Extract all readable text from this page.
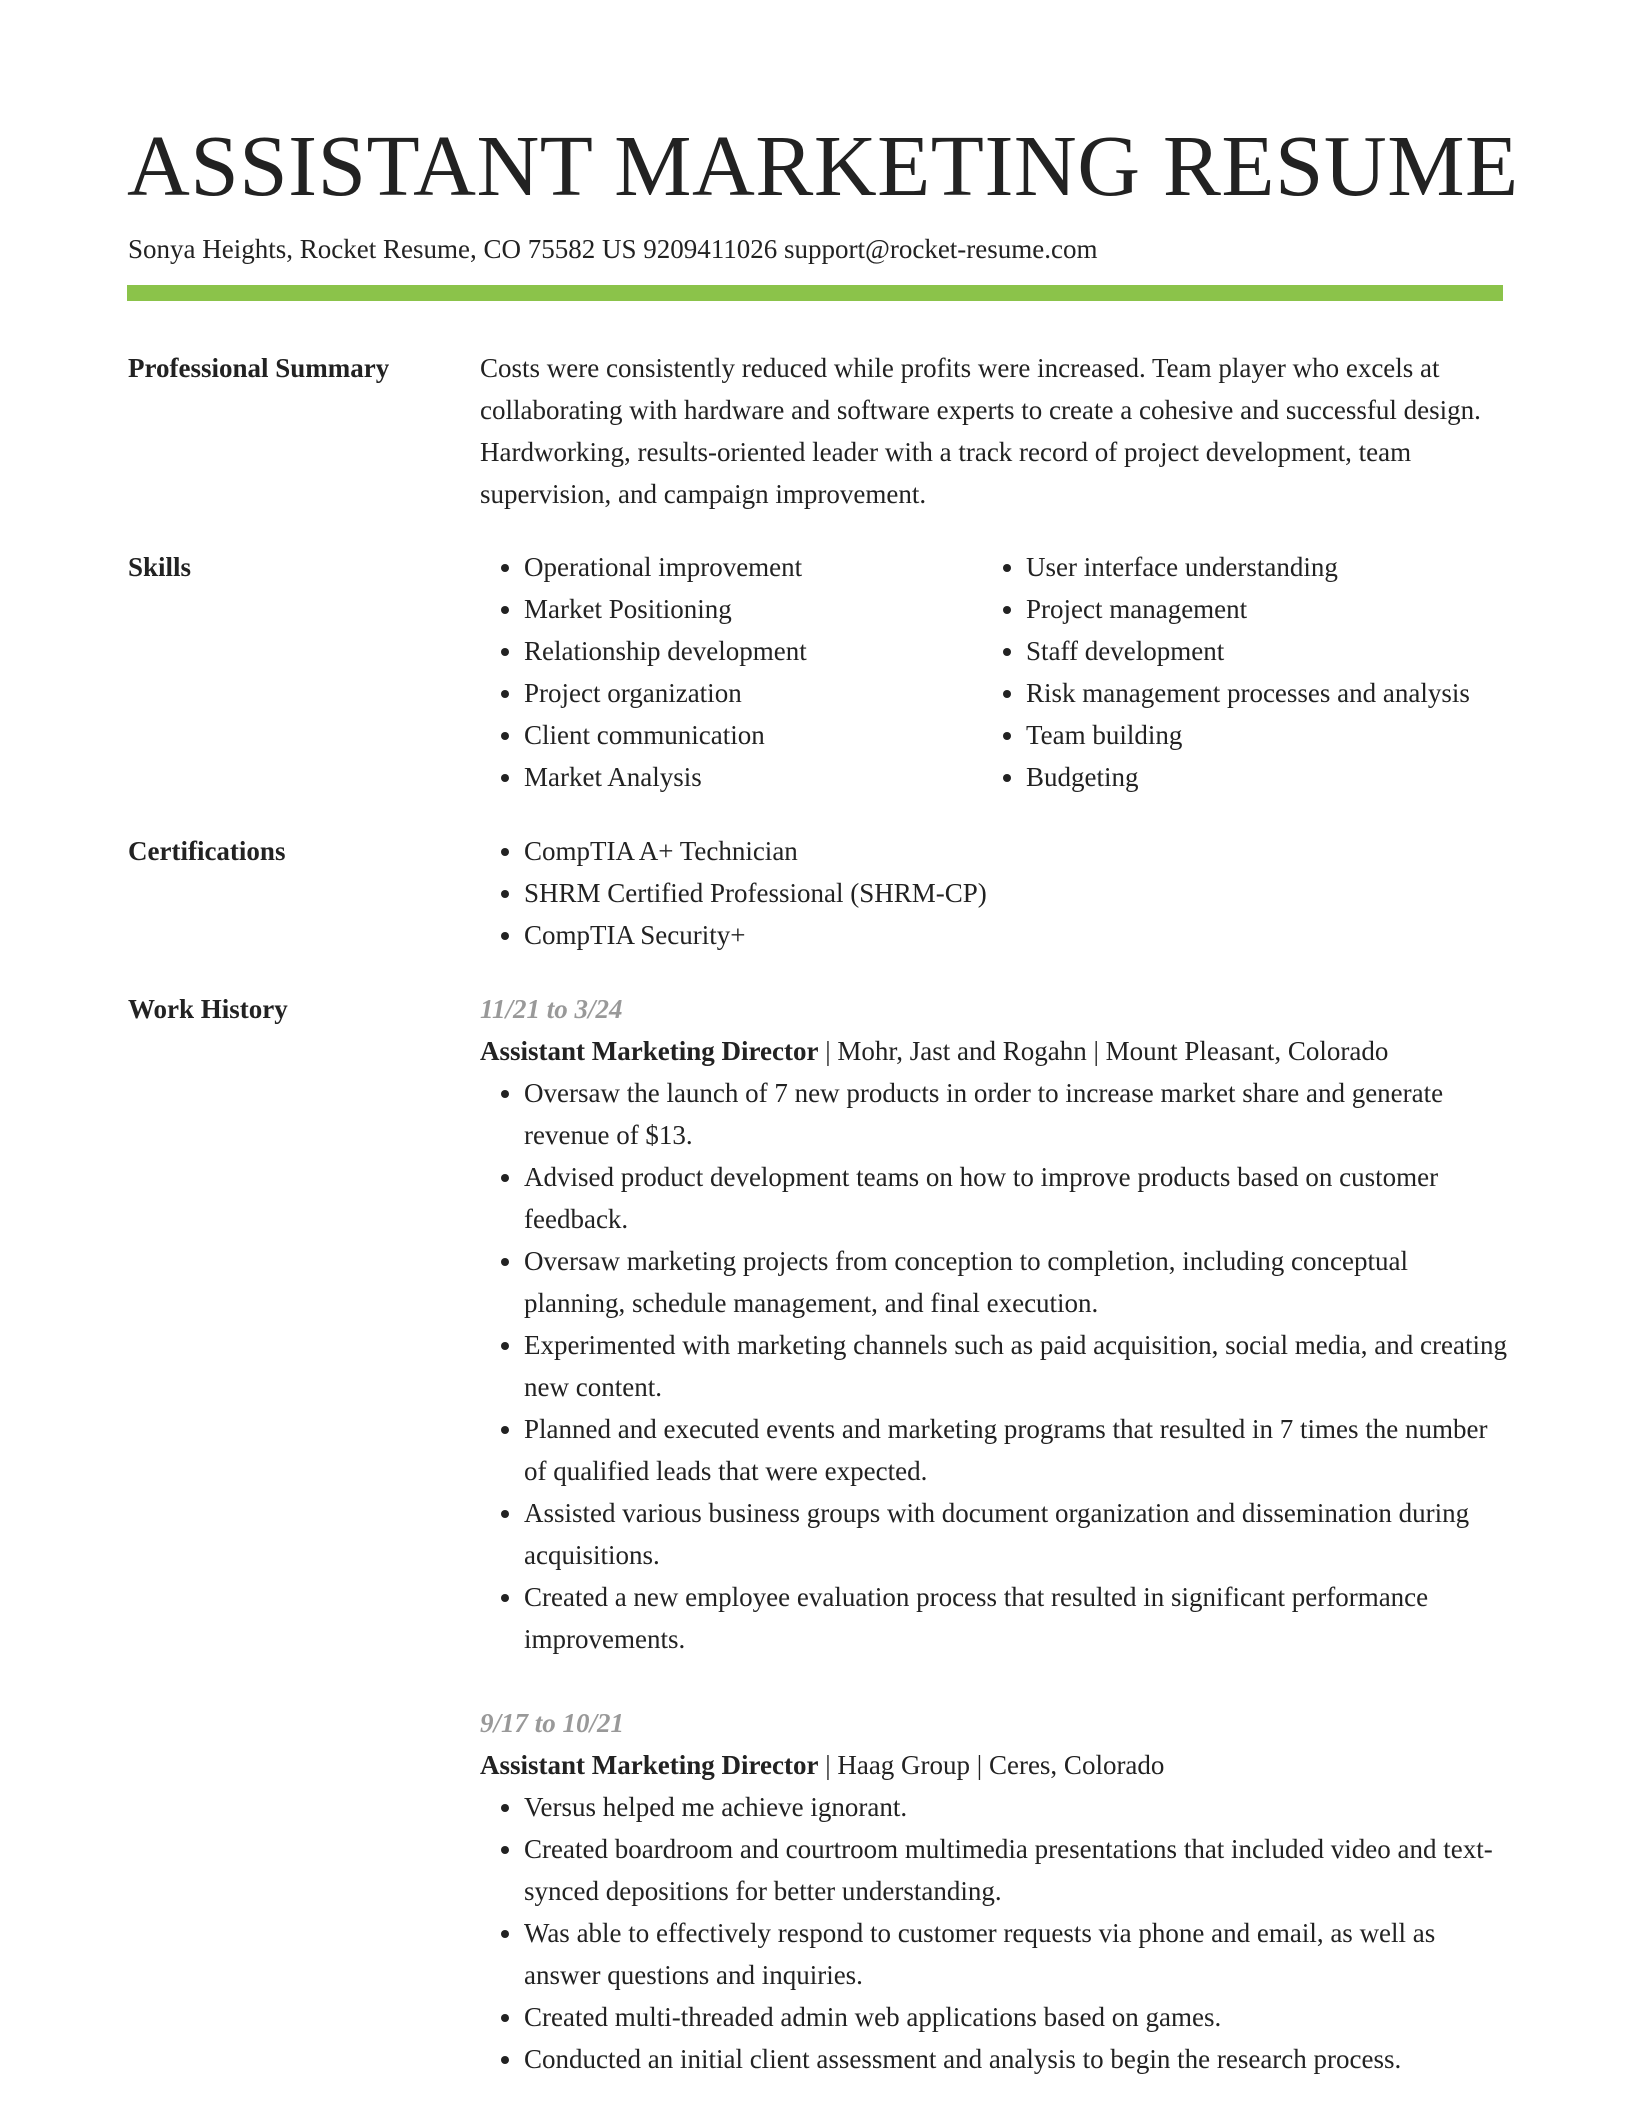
ASSISTANT MARKETING RESUME
Sonya Heights, Rocket Resume, CO 75582 US 9209411026 support@rocket-resume.com
Professional Summary	Costs were consistently reduced while profits were increased. Team player who excels at collaborating with hardware and software experts to create a cohesive and successful design. Hardworking, results-oriented leader with a track record of project development, team supervision, and campaign improvement.
Skills	• Operational improvement
• Market Positioning
• Relationship development
• Project organization
• Client communication
• Market Analysis
• User interface understanding
• Project management
• Staff development
• Risk management processes and analysis
• Team building
• Budgeting
Certifications	• CompTIA A+ Technician
• SHRM Certified Professional (SHRM-CP)
• CompTIA Security+
Work History	11/21 to 3/24
Assistant Marketing Director | Mohr, Jast and Rogahn | Mount Pleasant, Colorado
• Oversaw the launch of 7 new products in order to increase market share and generate revenue of $13.
• Advised product development teams on how to improve products based on customer feedback.
• Oversaw marketing projects from conception to completion, including conceptual planning, schedule management, and final execution.
• Experimented with marketing channels such as paid acquisition, social media, and creating new content.
• Planned and executed events and marketing programs that resulted in 7 times the number of qualified leads that were expected.
• Assisted various business groups with document organization and dissemination during acquisitions.
• Created a new employee evaluation process that resulted in significant performance improvements.
9/17 to 10/21
Assistant Marketing Director | Haag Group | Ceres, Colorado
• Versus helped me achieve ignorant.
• Created boardroom and courtroom multimedia presentations that included video and text-synced depositions for better understanding.
• Was able to effectively respond to customer requests via phone and email, as well as answer questions and inquiries.
• Created multi-threaded admin web applications based on games.
• Conducted an initial client assessment and analysis to begin the research process.
